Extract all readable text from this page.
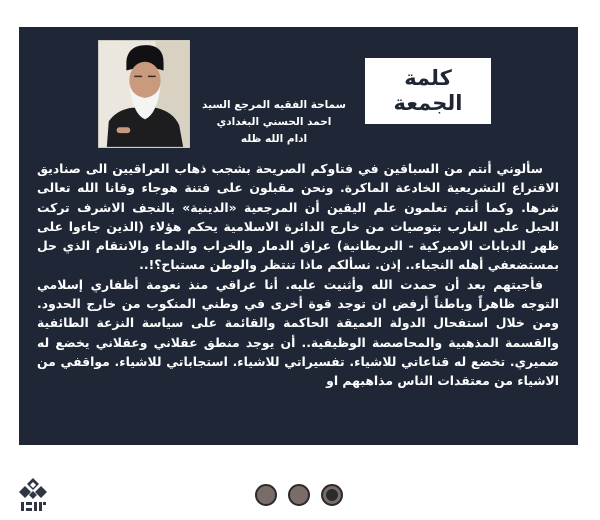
سماحة الفقيه المرجع السيد
احمد الحسني البغدادي
ادام الله ظله
كلمة
الجمعة

سألوني أنتم من السباقين في فتاوكم الصريحة بشجب ذهاب العراقيين الى صناديق الاقتراع التشريعية الخادعة الماكرة. ونحن مقبلون على فتنة هوجاء وقانا الله تعالى شرها. وكما أنتم تعلمون علم اليقين أن المرجعية «الدينية» بالنجف الاشرف تركت الحبل على الغارب بتوصيات من خارج الدائرة الاسلامية يحكم هؤلاء (الذين جاءوا على ظهر الدبابات الاميركية - البريطانية) عراق الدمار والخراب والدماء والانتقام الذي حل بمستضعفي أهله النجباء.. إذن. نسألكم ماذا تنتظر والوطن مستباح؟!..

فأجبتهم بعد أن حمدت الله وأثنيت عليه. أنا عراقي منذ نعومة أظفاري إسلامي التوجه ظاهراً وباطناً أرفض ان توجد قوة أخرى في وطني المنكوب من خارج الحدود. ومن خلال استفحال الدولة العميقة الحاكمة والقائمة على سياسة النزعة الطائفية والقسمة المذهبية والمحاصصة الوظيفية.. أن يوجد منطق عقلاني وعقلاني يخضع له ضميري. تخضع له قناعاتي للاشياء. تفسيراتي للاشياء. استجاباتي للاشياء. مواقفي من الاشياء من معتقدات الناس مذاهبهم او
